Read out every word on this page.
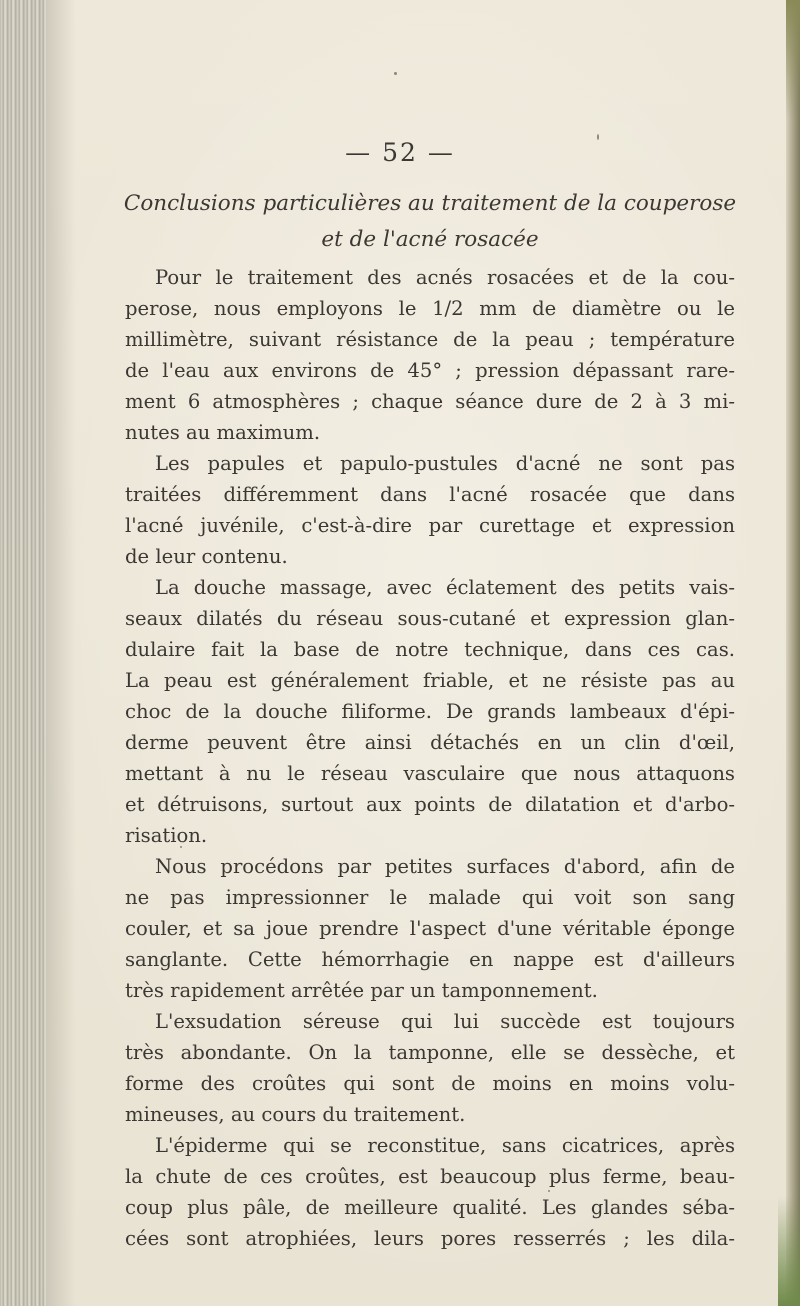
— 52 —
Conclusions particulières au traitement de la couperose
et de l'acné rosacée
Pour le traitement des acnés rosacées et de la cou-
perose, nous employons le 1/2 mm de diamètre ou le
millimètre, suivant résistance de la peau ; température
de l'eau aux environs de 45° ; pression dépassant rare-
ment 6 atmosphères ; chaque séance dure de 2 à 3 mi-
nutes au maximum.
Les papules et papulo-pustules d'acné ne sont pas
traitées différemment dans l'acné rosacée que dans
l'acné juvénile, c'est-à-dire par curettage et expression
de leur contenu.
La douche massage, avec éclatement des petits vais-
seaux dilatés du réseau sous-cutané et expression glan-
dulaire fait la base de notre technique, dans ces cas.
La peau est généralement friable, et ne résiste pas au
choc de la douche filiforme. De grands lambeaux d'épi-
derme peuvent être ainsi détachés en un clin d'œil,
mettant à nu le réseau vasculaire que nous attaquons
et détruisons, surtout aux points de dilatation et d'arbo-
risation.
Nous procédons par petites surfaces d'abord, afin de
ne pas impressionner le malade qui voit son sang
couler, et sa joue prendre l'aspect d'une véritable éponge
sanglante. Cette hémorrhagie en nappe est d'ailleurs
très rapidement arrêtée par un tamponnement.
L'exsudation séreuse qui lui succède est toujours
très abondante. On la tamponne, elle se dessèche, et
forme des croûtes qui sont de moins en moins volu-
mineuses, au cours du traitement.
L'épiderme qui se reconstitue, sans cicatrices, après
la chute de ces croûtes, est beaucoup plus ferme, beau-
coup plus pâle, de meilleure qualité. Les glandes séba-
cées sont atrophiées, leurs pores resserrés ; les dila-
